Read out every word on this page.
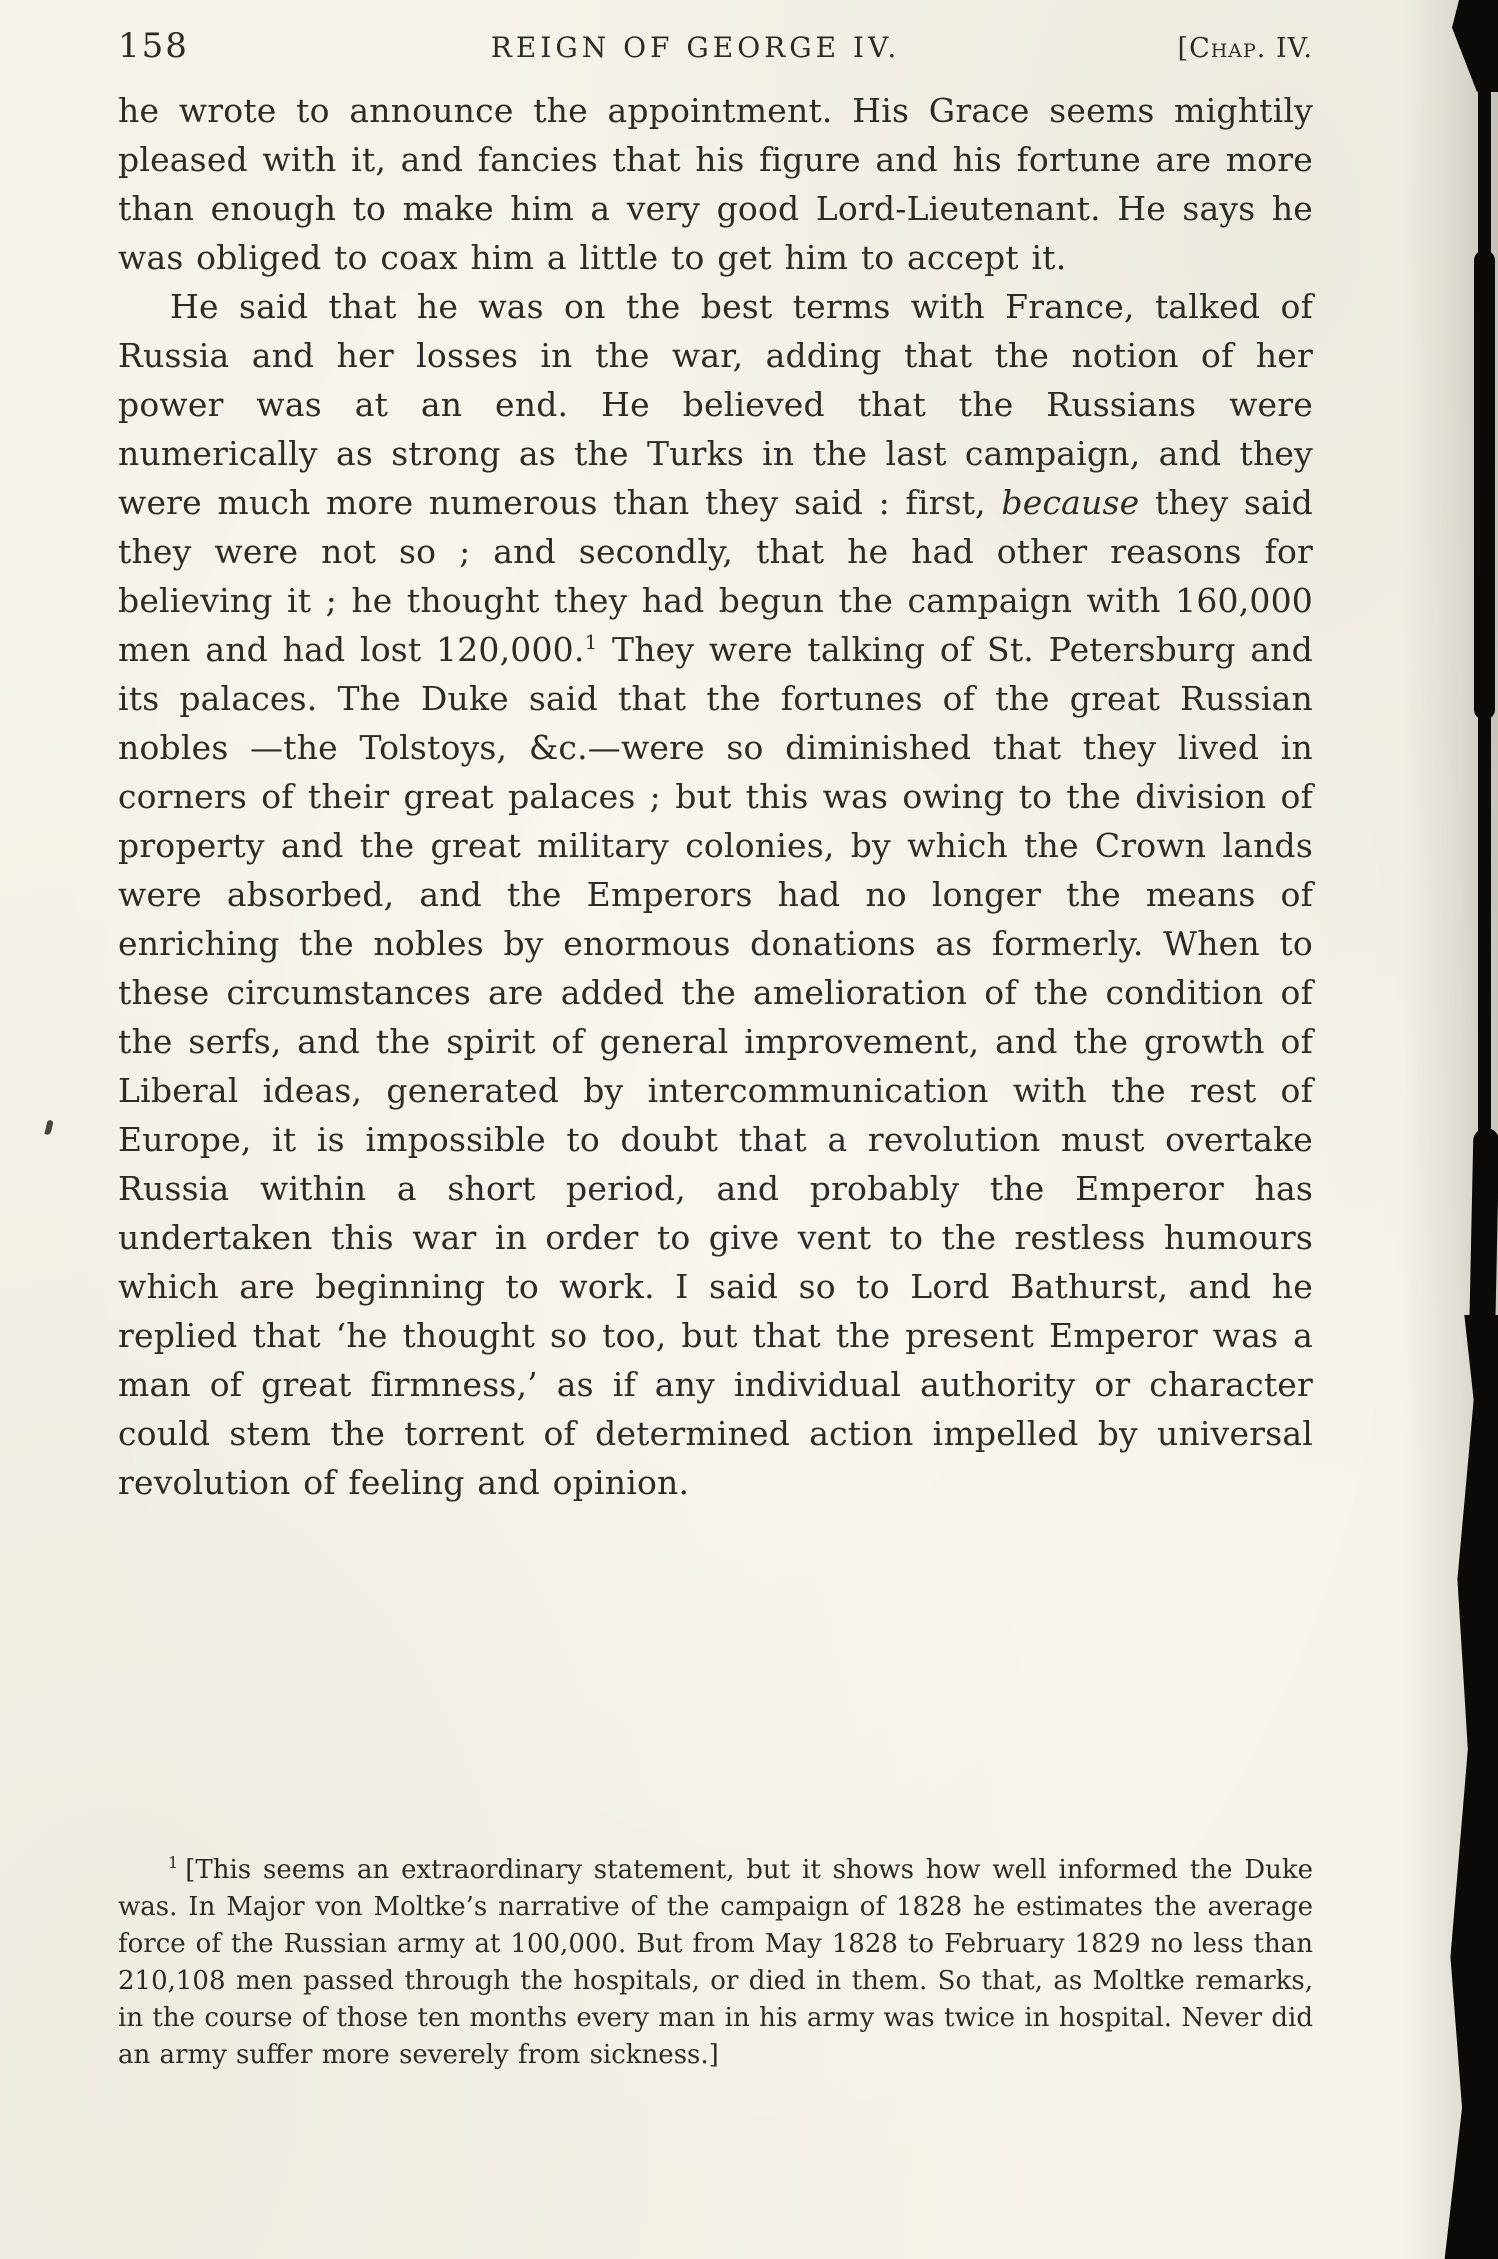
158	REIGN OF GEORGE IV.	[Chap. IV.

he wrote to announce the appointment. His Grace seems mightily pleased with it, and fancies that his figure and his fortune are more than enough to make him a very good Lord-Lieutenant. He says he was obliged to coax him a little to get him to accept it.

He said that he was on the best terms with France, talked of Russia and her losses in the war, adding that the notion of her power was at an end. He believed that the Russians were numerically as strong as the Turks in the last campaign, and they were much more numerous than they said : first, because they said they were not so ; and secondly, that he had other reasons for believing it ; he thought they had begun the campaign with 160,000 men and had lost 120,000.$^1$ They were talking of St. Petersburg and its palaces. The Duke said that the fortunes of the great Russian nobles —the Tolstoys, &c.—were so diminished that they lived in corners of their great palaces ; but this was owing to the division of property and the great military colonies, by which the Crown lands were absorbed, and the Emperors had no longer the means of enriching the nobles by enormous donations as formerly. When to these circumstances are added the amelioration of the condition of the serfs, and the spirit of general improvement, and the growth of Liberal ideas, generated by intercommunication with the rest of Europe, it is impossible to doubt that a revolution must overtake Russia within a short period, and probably the Emperor has undertaken this war in order to give vent to the restless humours which are beginning to work. I said so to Lord Bathurst, and he replied that ‘he thought so too, but that the present Emperor was a man of great firmness,’ as if any individual authority or character could stem the torrent of determined action impelled by universal revolution of feeling and opinion.

$^1$ [This seems an extraordinary statement, but it shows how well informed the Duke was. In Major von Moltke’s narrative of the campaign of 1828 he estimates the average force of the Russian army at 100,000. But from May 1828 to February 1829 no less than 210,108 men passed through the hospitals, or died in them. So that, as Moltke remarks, in the course of those ten months every man in his army was twice in hospital. Never did an army suffer more severely from sickness.]
